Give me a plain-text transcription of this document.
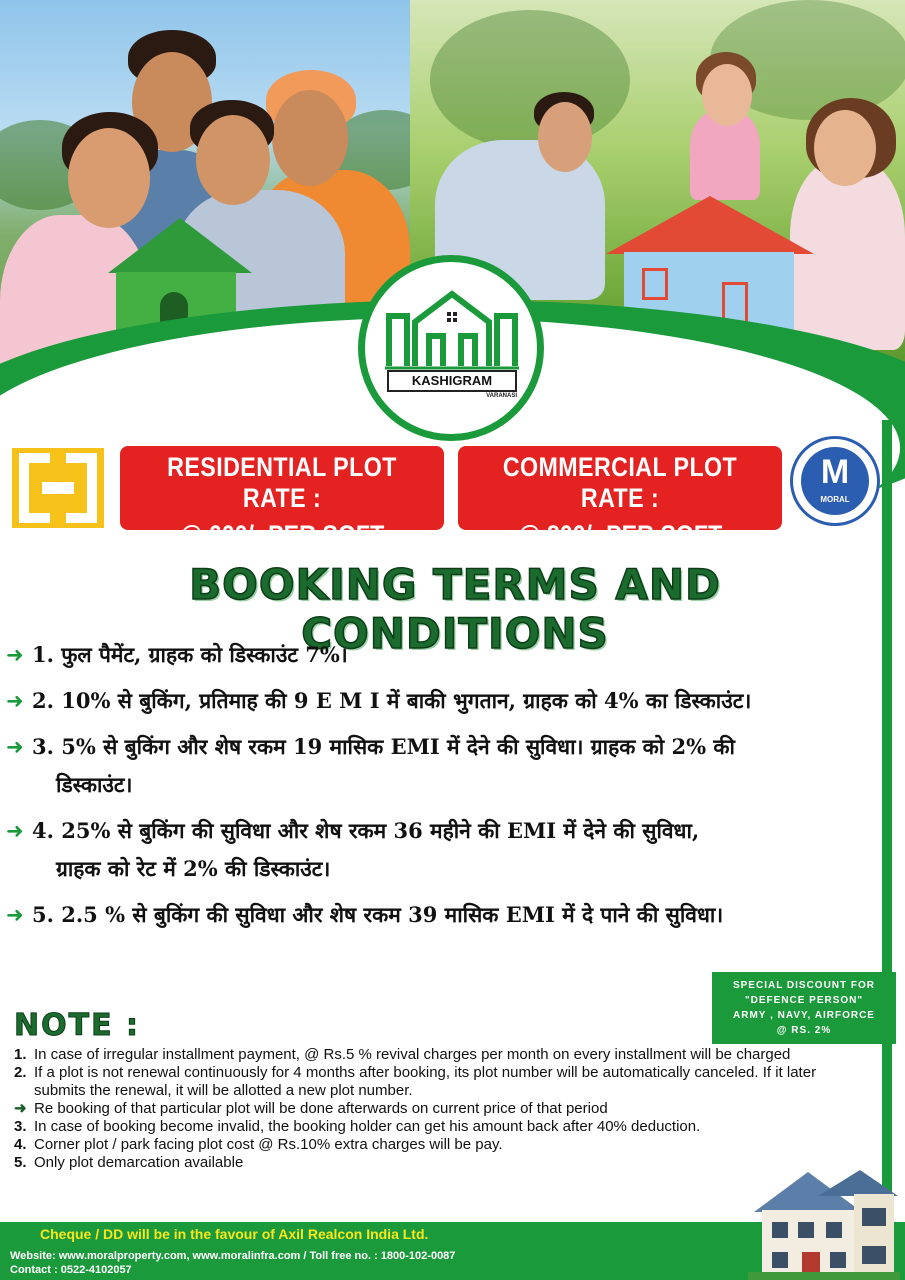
KASHIGRAM
VARANASI
RESIDENTIAL PLOT RATE :
@ 600/- PER SQFT
COMMERCIAL PLOT RATE :
@ 800/- PER SQFT
M
MORAL
BOOKING TERMS AND CONDITIONS
➜ 1. फुल पैमेंट, ग्राहक को डिस्काउंट 7%।
➜ 2. 10% से बुकिंग, प्रतिमाह की 9 E M I में बाकी भुगतान, ग्राहक को 4% का डिस्काउंट।
➜ 3. 5% से बुकिंग और शेष रकम 19 मासिक EMI में देने की सुविधा। ग्राहक को 2% की
डिस्काउंट।
➜ 4. 25% से बुकिंग की सुविधा और शेष रकम 36 महीने की EMI में देने की सुविधा,
ग्राहक को रेट में 2% की डिस्काउंट।
➜ 5. 2.5 % से बुकिंग की सुविधा और शेष रकम 39 मासिक EMI में दे पाने की सुविधा।
SPECIAL DISCOUNT FOR
"DEFENCE PERSON"
ARMY , NAVY, AIRFORCE
@ RS. 2%
NOTE :
1. In case of irregular installment payment, @ Rs.5 % revival charges per month on every installment will be charged
2. If a plot is not renewal continuously for 4 months after booking, its plot number will be automatically canceled. If it later submits the renewal, it will be allotted a new plot number.
➜ Re booking of that particular plot will be done afterwards on current price of that period
3. In case of booking become invalid, the booking holder can get his amount back after 40% deduction.
4. Corner plot / park facing plot cost @ Rs.10% extra charges will be pay.
5. Only plot demarcation available
Cheque / DD will be in the favour of Axil Realcon India Ltd.
Website: www.moralproperty.com, www.moralinfra.com / Toll free no. : 1800-102-0087
Contact : 0522-4102057
